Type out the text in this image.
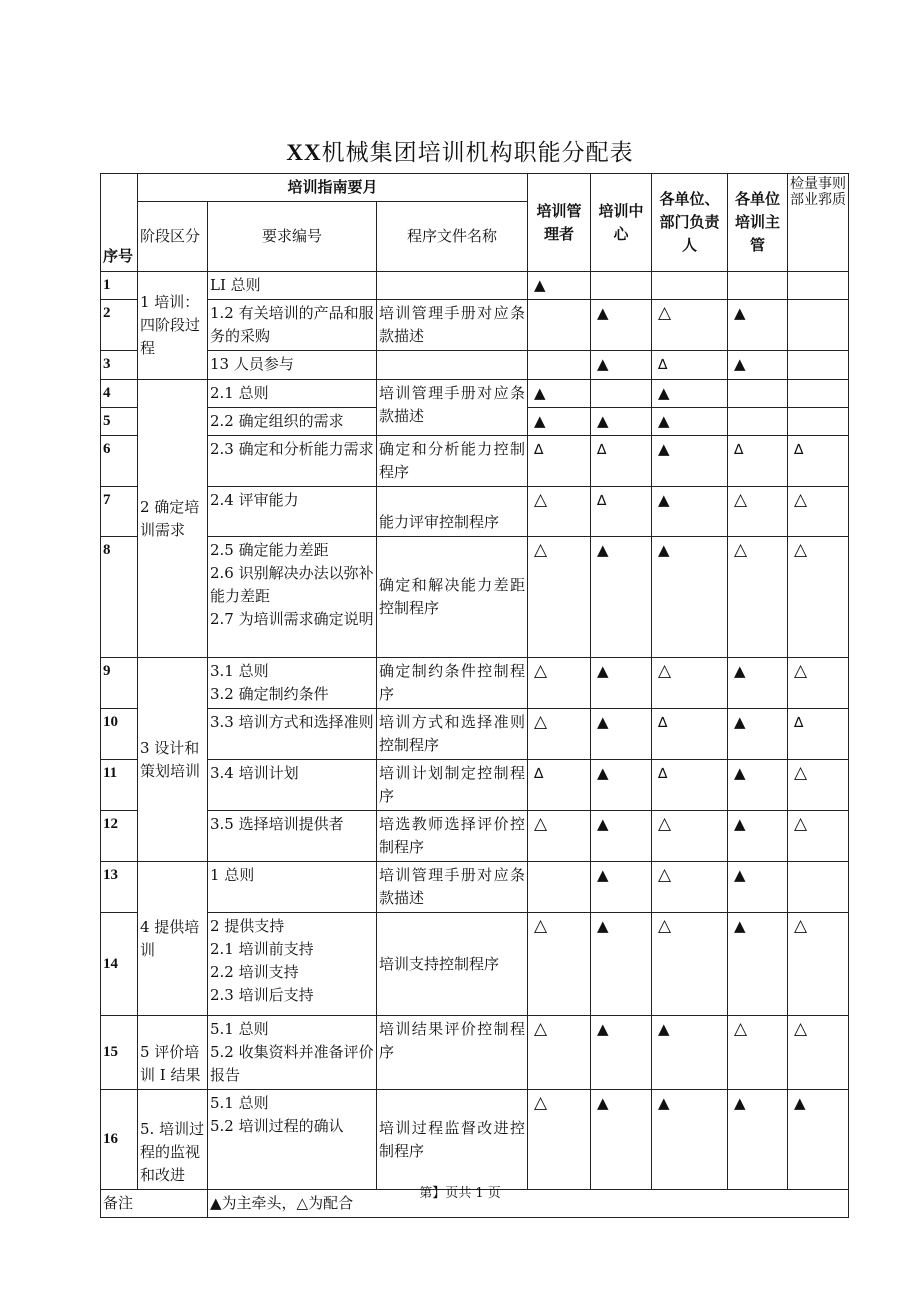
XX机械集团培训机构职能分配表
序号	培训指南要月			培训管理者	培训中心	各单位、部门负责人	各单位培训主管	检量事则部业郛质
	阶段区分	要求编号	程序文件名称					
1	1 培训：四阶段过程	LI 总则		▲				
2		1.2 有关培训的产品和服务的采购	培训管理手册对应条款描述		▲	△	▲	
3		13 人员参与			▲	∆	▲	
4	2 确定培训需求	2.1 总则	培训管理手册对应条款描述	▲		▲		
5		2.2 确定组织的需求		▲	▲	▲		
6		2.3 确定和分析能力需求	确定和分析能力控制程序	∆	∆	▲	∆	∆
7		2.4 评审能力	能力评审控制程序	△	∆	▲	△	△
8		2.5 确定能力差距
2.6 识别解决办法以弥补能力差距
2.7 为培训需求确定说明	确定和解决能力差距控制程序	△	▲	▲	△	△
9	3 设计和策划培训	3.1 总则
3.2 确定制约条件	确定制约条件控制程序	△	▲	△	▲	△
10		3.3 培训方式和选择准则	培训方式和选择准则控制程序	△	▲	∆	▲	∆
11		3.4 培训计划	培训计划制定控制程序	∆	▲	∆	▲	△
12		3.5 选择培训提供者	培选教师选择评价控制程序	△	▲	△	▲	△
13	4 提供培训	1 总则	培训管理手册对应条款描述		▲	△	▲	
14		2 提供支持
2.1 培训前支持
2.2 培训支持
2.3 培训后支持	培训支持控制程序	△	▲	△	▲	△
15	5 评价培训 I 结果	5.1 总则
5.2 收集资料并准备评价报告	培训结果评价控制程序	△	▲	▲	△	△
16	5. 培训过程的监视和改进	5.1 总则
5.2 培训过程的确认	培训过程监督改进控制程序	△	▲	▲	▲	▲
备注		▲为主牵头，△为配合						
第】页共 1 页
